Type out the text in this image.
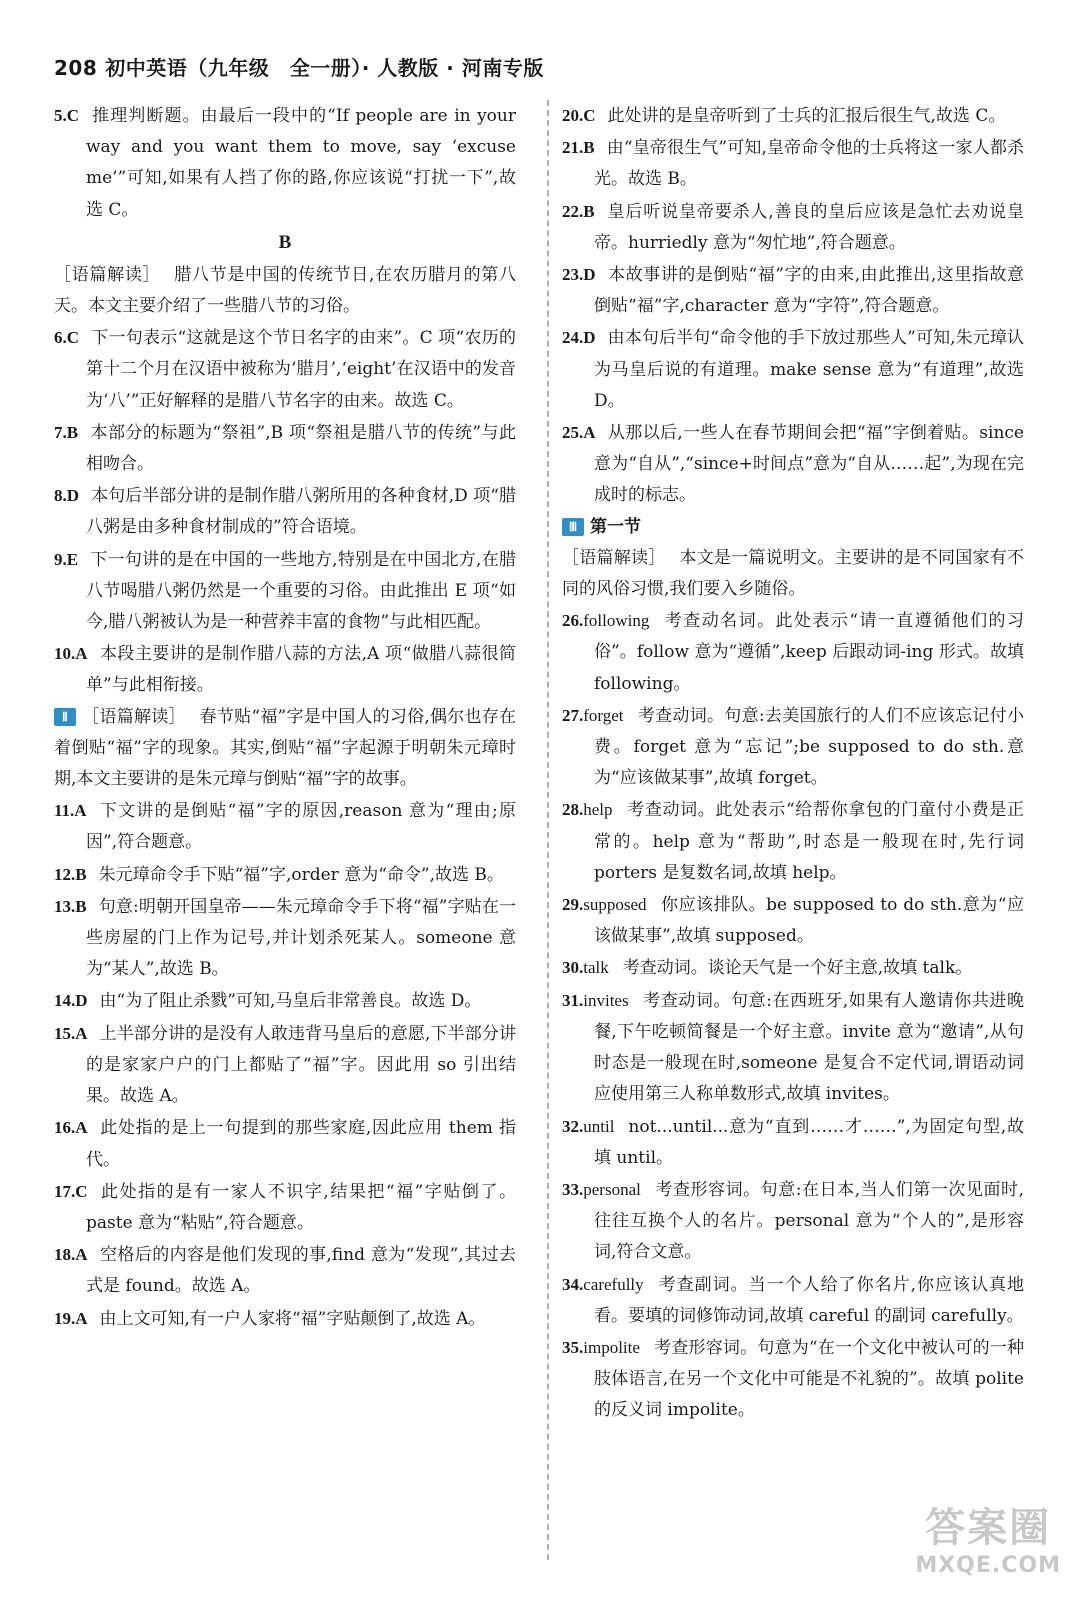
208 初中英语（九年级　全一册）· 人教版 · 河南专版
5.C 推理判断题。由最后一段中的“If people are in your way and you want them to move, say ‘excuse me’”可知,如果有人挡了你的路,你应该说“打扰一下”,故选 C。
B
［语篇解读］ 腊八节是中国的传统节日,在农历腊月的第八天。本文主要介绍了一些腊八节的习俗。
6.C 下一句表示“这就是这个节日名字的由来”。C 项“农历的第十二个月在汉语中被称为‘腊月’,‘eight’在汉语中的发音为‘八’”正好解释的是腊八节名字的由来。故选 C。
7.B 本部分的标题为“祭祖”,B 项“祭祖是腊八节的传统”与此相吻合。
8.D 本句后半部分讲的是制作腊八粥所用的各种食材,D 项“腊八粥是由多种食材制成的”符合语境。
9.E 下一句讲的是在中国的一些地方,特别是在中国北方,在腊八节喝腊八粥仍然是一个重要的习俗。由此推出 E 项“如今,腊八粥被认为是一种营养丰富的食物”与此相匹配。
10.A 本段主要讲的是制作腊八蒜的方法,A 项“做腊八蒜很简单”与此相衔接。
Ⅱ ［语篇解读］ 春节贴“福”字是中国人的习俗,偶尔也存在着倒贴“福”字的现象。其实,倒贴“福”字起源于明朝朱元璋时期,本文主要讲的是朱元璋与倒贴“福”字的故事。
11.A 下文讲的是倒贴“福”字的原因,reason 意为“理由;原因”,符合题意。
12.B 朱元璋命令手下贴“福”字,order 意为“命令”,故选 B。
13.B 句意:明朝开国皇帝——朱元璋命令手下将“福”字贴在一些房屋的门上作为记号,并计划杀死某人。someone 意为“某人”,故选 B。
14.D 由“为了阻止杀戮”可知,马皇后非常善良。故选 D。
15.A 上半部分讲的是没有人敢违背马皇后的意愿,下半部分讲的是家家户户的门上都贴了“福”字。因此用 so 引出结果。故选 A。
16.A 此处指的是上一句提到的那些家庭,因此应用 them 指代。
17.C 此处指的是有一家人不识字,结果把“福”字贴倒了。paste 意为“粘贴”,符合题意。
18.A 空格后的内容是他们发现的事,find 意为“发现”,其过去式是 found。故选 A。
19.A 由上文可知,有一户人家将“福”字贴颠倒了,故选 A。
20.C 此处讲的是皇帝听到了士兵的汇报后很生气,故选 C。
21.B 由“皇帝很生气”可知,皇帝命令他的士兵将这一家人都杀光。故选 B。
22.B 皇后听说皇帝要杀人,善良的皇后应该是急忙去劝说皇帝。hurriedly 意为“匆忙地”,符合题意。
23.D 本故事讲的是倒贴“福”字的由来,由此推出,这里指故意倒贴“福”字,character 意为“字符”,符合题意。
24.D 由本句后半句“命令他的手下放过那些人”可知,朱元璋认为马皇后说的有道理。make sense 意为“有道理”,故选 D。
25.A 从那以后,一些人在春节期间会把“福”字倒着贴。since 意为“自从”,“since+时间点”意为“自从……起”,为现在完成时的标志。
Ⅲ 第一节
［语篇解读］ 本文是一篇说明文。主要讲的是不同国家有不同的风俗习惯,我们要入乡随俗。
26.following 考查动名词。此处表示“请一直遵循他们的习俗”。follow 意为“遵循”,keep 后跟动词-ing 形式。故填 following。
27.forget 考查动词。句意:去美国旅行的人们不应该忘记付小费。forget 意为“忘记”;be supposed to do sth.意为“应该做某事”,故填 forget。
28.help 考查动词。此处表示“给帮你拿包的门童付小费是正常的。help 意为“帮助”,时态是一般现在时,先行词 porters 是复数名词,故填 help。
29.supposed 你应该排队。be supposed to do sth.意为“应该做某事”,故填 supposed。
30.talk 考查动词。谈论天气是一个好主意,故填 talk。
31.invites 考查动词。句意:在西班牙,如果有人邀请你共进晚餐,下午吃顿简餐是一个好主意。invite 意为“邀请”,从句时态是一般现在时,someone 是复合不定代词,谓语动词应使用第三人称单数形式,故填 invites。
32.until not...until...意为“直到……才……”,为固定句型,故填 until。
33.personal 考查形容词。句意:在日本,当人们第一次见面时,往往互换个人的名片。personal 意为“个人的”,是形容词,符合文意。
34.carefully 考查副词。当一个人给了你名片,你应该认真地看。要填的词修饰动词,故填 careful 的副词 carefully。
35.impolite 考查形容词。句意为“在一个文化中被认可的一种肢体语言,在另一个文化中可能是不礼貌的”。故填 polite 的反义词 impolite。
答案圈
MXQE.COM
